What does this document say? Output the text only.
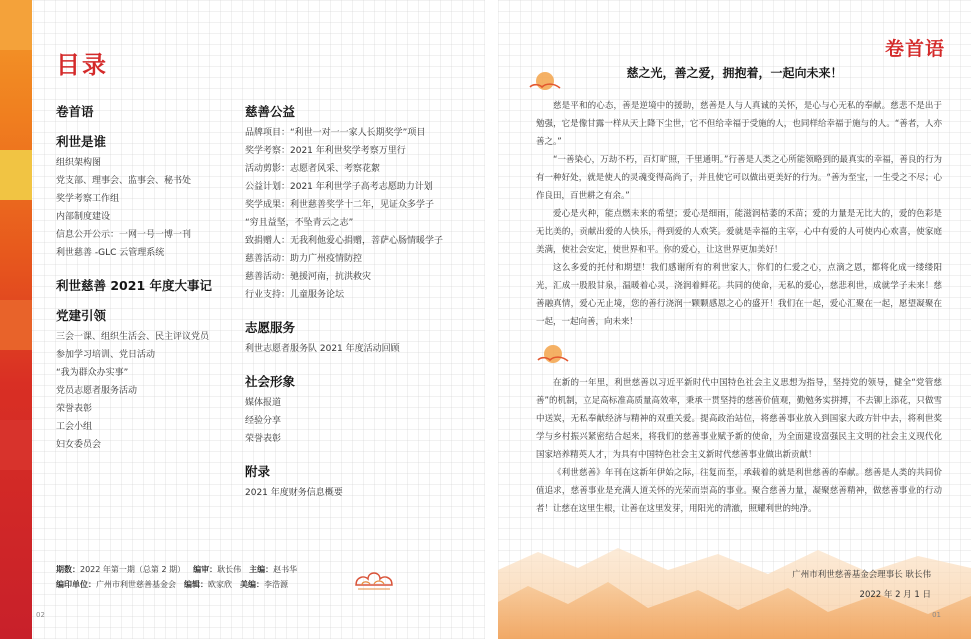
目录
卷首语
利世是谁
组织架构图
党支部、理事会、监事会、秘书处
奖学考察工作组
内部制度建设
信息公开公示：一网一号一博一刊
利世慈善 -GLC 云管理系统
利世慈善 2021 年度大事记
党建引领
三会一课、组织生活会、民主评议党员
参加学习培训、党日活动
“我为群众办实事”
党员志愿者服务活动
荣誉表彰
工会小组
妇女委员会
慈善公益
品牌项目：“利世一对一一家人长期奖学”项目
奖学考察：2021 年利世奖学考察万里行
活动剪影：志愿者风采、考察花絮
公益计划：2021 年利世学子高考志愿助力计划
奖学成果：利世慈善奖学十二年，见证众多学子
“穷且益坚，不坠青云之志”
致捐赠人：无我利他爱心捐赠，菩萨心肠情暖学子
慈善活动：助力广州疫情防控
慈善活动：驰援河南，抗洪救灾
行业支持：儿童服务论坛
志愿服务
利世志愿者服务队 2021 年度活动回顾
社会形象
媒体报道
经验分享
荣誉表彰
附录
2021 年度财务信息概要
期数：2022 年第一期（总第 2 期） 编审：耿长伟 主编：赵书华
编印单位：广州市利世慈善基金会 编辑：欧家欣 美编：李浩源
02
卷首语
慈之光，善之爱，拥抱着，一起向未来！

慈是平和的心态，善是逆境中的援助，慈善是人与人真诚的关怀，是心与心无私的奉献。慈悲不是出于勉强，它是像甘露一样从天上降下尘世，它不但给幸福于受施的人，也同样给幸福于施与的人。“善者，人亦善之。”

“一善染心，万劫不朽，百灯旷照，千里通明。”行善是人类之心所能领略到的最真实的幸福，善良的行为有一种好处，就是使人的灵魂变得高尚了，并且使它可以做出更美好的行为。“善为至宝，一生受之不尽；心作良田，百世耕之有余。”

爱心是火种，能点燃未来的希望；爱心是细雨，能滋润枯萎的禾苗；爱的力量是无比大的，爱的色彩是无比美的，贡献出爱的人快乐，得到爱的人欢笑。爱就是幸福的主宰，心中有爱的人可使内心欢喜，使家庭美满，使社会安定，使世界和平。你的爱心，让这世界更加美好！

这么多爱的托付和期望！我们感谢所有的利世家人，你们的仁爱之心，点滴之恩，都将化成一缕缕阳光，汇成一股股甘泉，温暖着心灵，浇润着鲜花。共同的使命，无私的爱心，慈悲利世，成就学子未来！慈善融真情，爱心无止境，您的善行浇润一颗颗感恩之心的盛开！我们在一起，爱心汇聚在一起，愿望凝聚在一起，一起向善，向未来！

在新的一年里，利世慈善以习近平新时代中国特色社会主义思想为指导，坚持党的领导，健全“党管慈善”的机制，立足高标准高质量高效率，秉承一贯坚持的慈善价值观，勤勉务实拼搏，不去铆上添花，只做雪中送炭，无私奉献经济与精神的双重关爱。提高政治站位，将慈善事业放入到国家大政方针中去，将利世奖学与乡村振兴紧密结合起来，将我们的慈善事业赋予新的使命，为全面建设富强民主文明的社会主义现代化国家培养精英人才，为具有中国特色社会主义新时代慈善事业做出新贡献！

《利世慈善》年刊在这新年伊始之际，往复而至，承载着的就是利世慈善的奉献。慈善是人类的共同价值追求，慈善事业是充满人道关怀的光荣而崇高的事业。聚合慈善力量，凝聚慈善精神，做慈善事业的行动者！让慈在这里生根，让善在这里发芽，用阳光的清澈，照耀利世的纯净。

广州市利世慈善基金会理事长 耿长伟
2022 年 2 月 1 日
01
